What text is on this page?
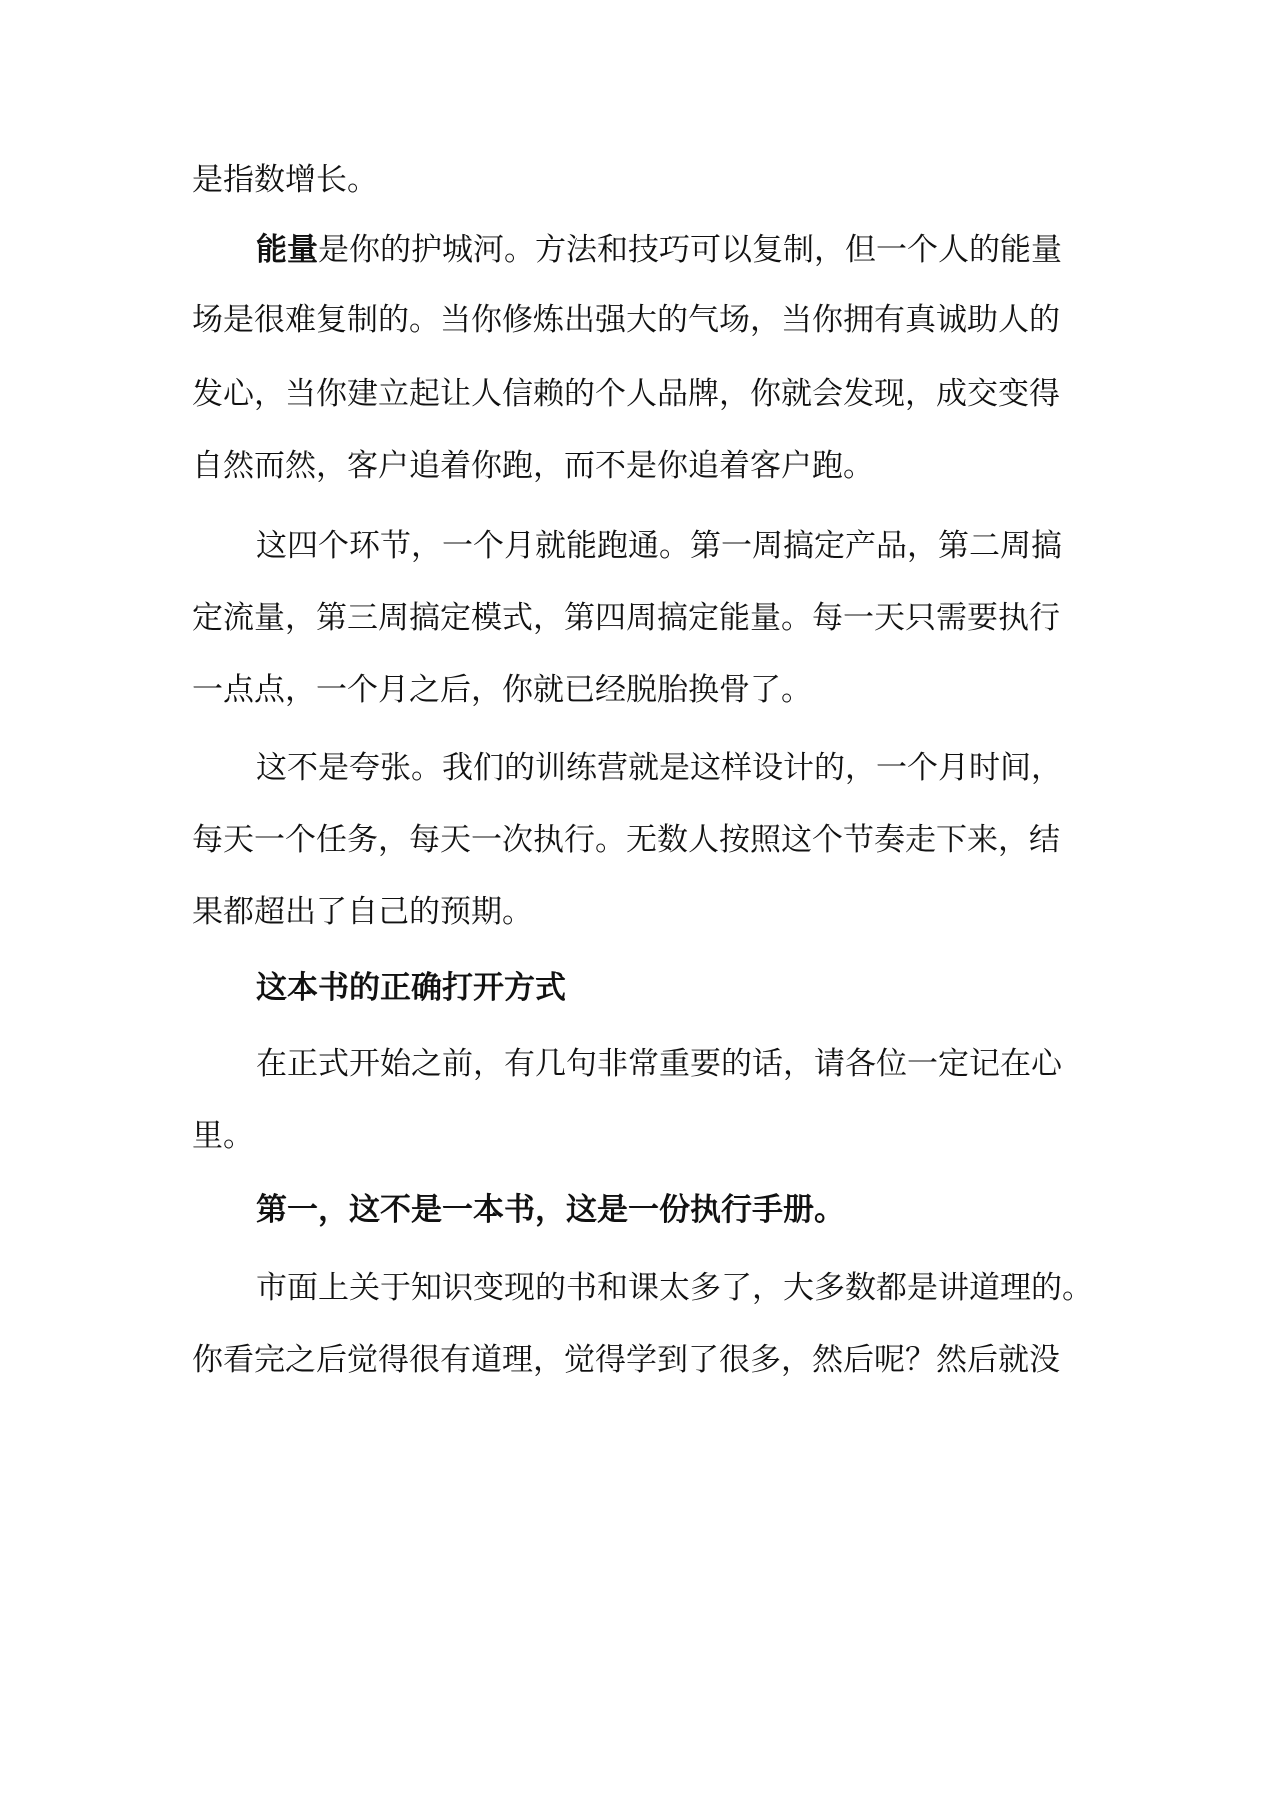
是指数增长。
能量是你的护城河。方法和技巧可以复制，但一个人的能量
场是很难复制的。当你修炼出强大的气场，当你拥有真诚助人的
发心，当你建立起让人信赖的个人品牌，你就会发现，成交变得
自然而然，客户追着你跑，而不是你追着客户跑。
这四个环节，一个月就能跑通。第一周搞定产品，第二周搞
定流量，第三周搞定模式，第四周搞定能量。每一天只需要执行
一点点，一个月之后，你就已经脱胎换骨了。
这不是夸张。我们的训练营就是这样设计的，一个月时间，
每天一个任务，每天一次执行。无数人按照这个节奏走下来，结
果都超出了自己的预期。
这本书的正确打开方式
在正式开始之前，有几句非常重要的话，请各位一定记在心
里。
第一，这不是一本书，这是一份执行手册。
市面上关于知识变现的书和课太多了，大多数都是讲道理的。
你看完之后觉得很有道理，觉得学到了很多，然后呢？然后就没
